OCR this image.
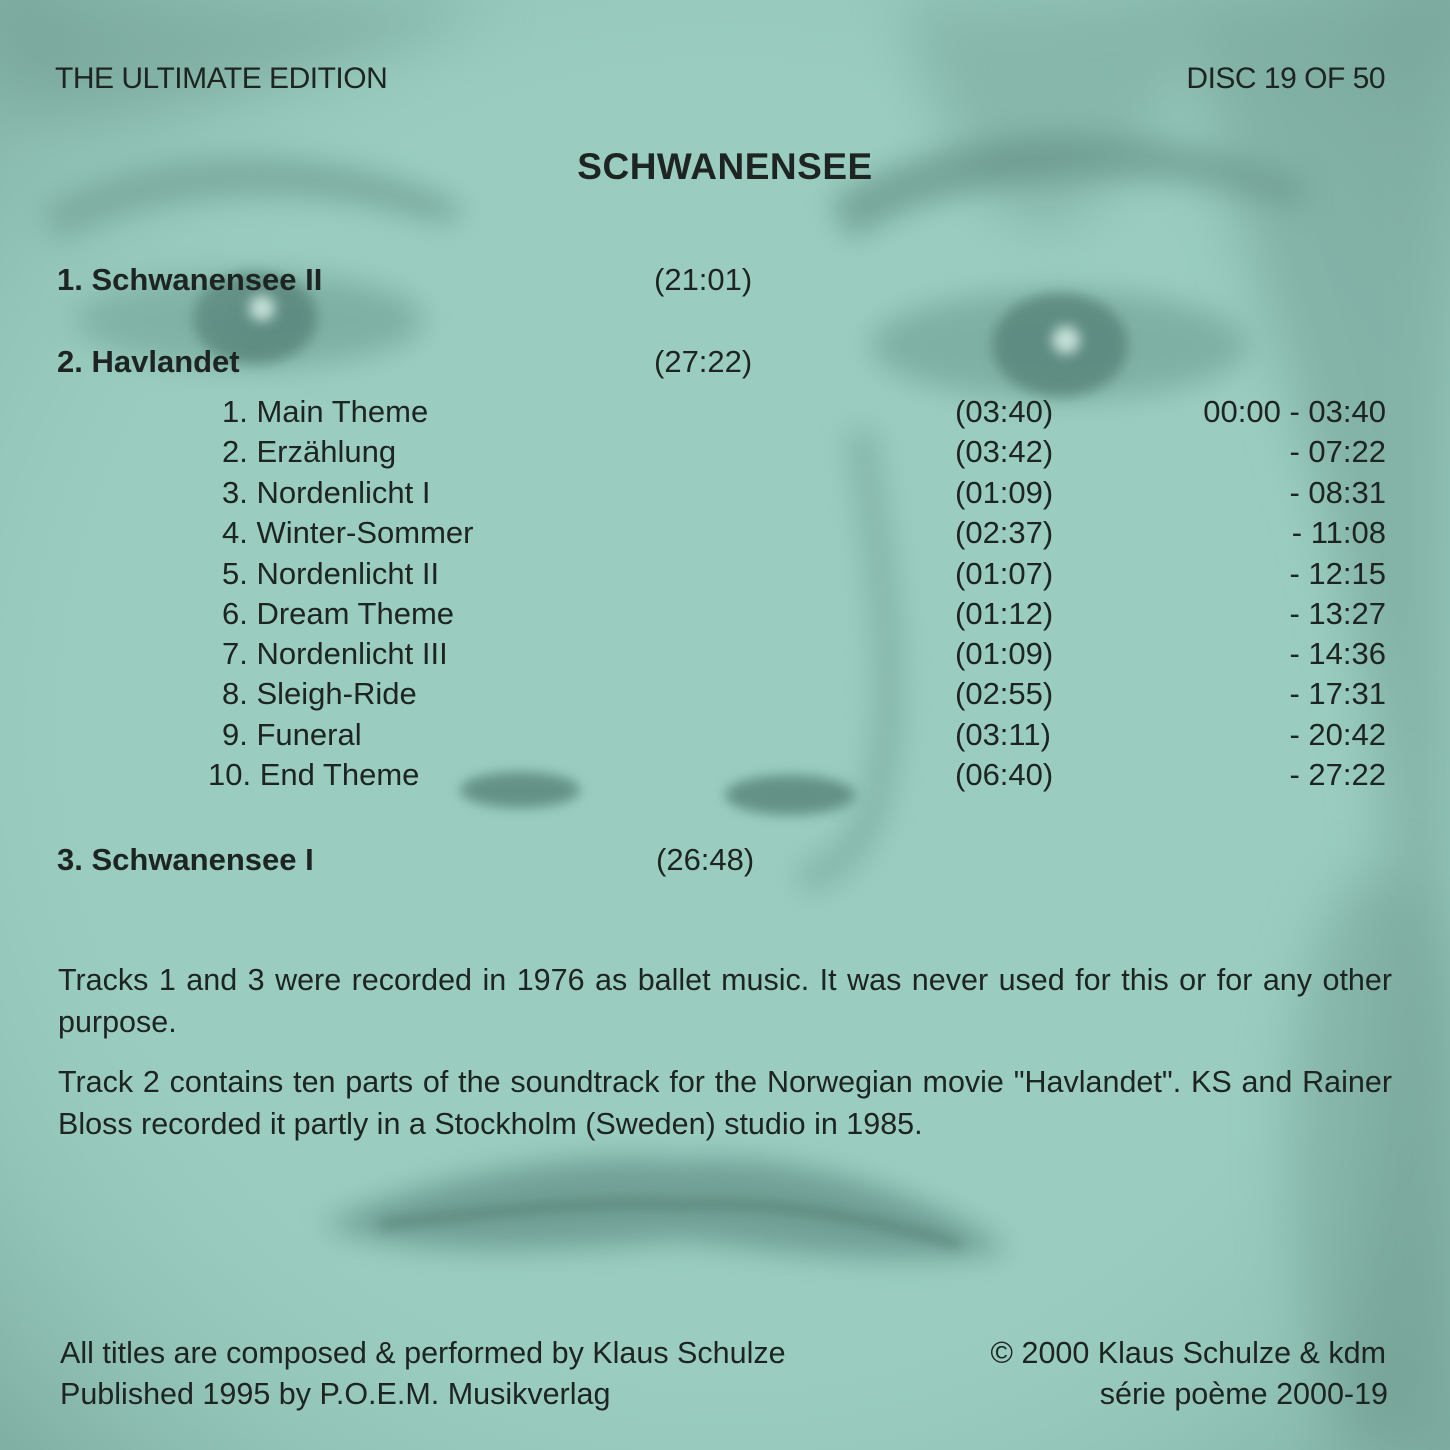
THE ULTIMATE EDITION	DISC 19 OF 50
SCHWANENSEE
1. Schwanensee II	(21:01)
2. Havlandet	(27:22)
1. Main Theme	(03:40)	00:00 - 03:40
2. Erzählung	(03:42)	- 07:22
3. Nordenlicht I	(01:09)	- 08:31
4. Winter-Sommer	(02:37)	- 11:08
5. Nordenlicht II	(01:07)	- 12:15
6. Dream Theme	(01:12)	- 13:27
7. Nordenlicht III	(01:09)	- 14:36
8. Sleigh-Ride	(02:55)	- 17:31
9. Funeral	(03:11)	- 20:42
10. End Theme	(06:40)	- 27:22
3. Schwanensee I	(26:48)
Tracks 1 and 3 were recorded in 1976 as ballet music. It was never used for this or for any other purpose.
Track 2 contains ten parts of the soundtrack for the Norwegian movie "Havlandet". KS and Rainer Bloss recorded it partly in a Stockholm (Sweden) studio in 1985.
All titles are composed & performed by Klaus Schulze
Published 1995 by P.O.E.M. Musikverlag
© 2000 Klaus Schulze & kdm
série poème 2000-19
